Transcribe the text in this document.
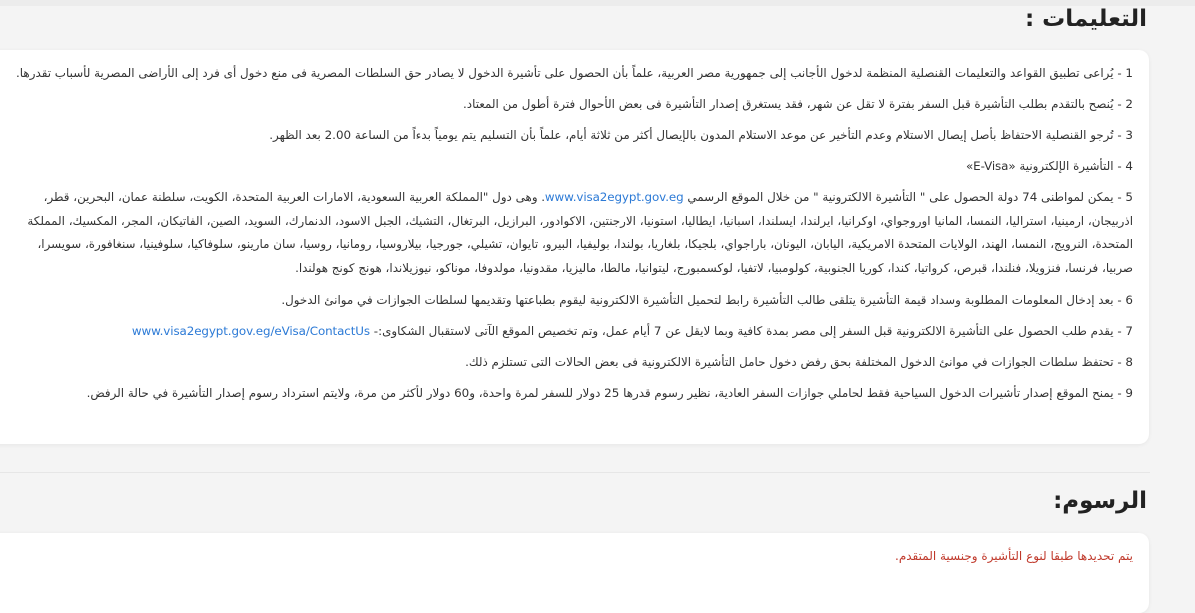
التعليمات :
1 - يُراعى تطبيق القواعد والتعليمات القنصلية المنظمة لدخول الأجانب إلى جمهورية مصر العربية، علماً بأن الحصول على تأشيرة الدخول لا يصادر حق السلطات المصرية فى منع دخول أى فرد إلى الأراضى المصرية لأسباب تقدرها.
2 - يُنصح بالتقدم بطلب التأشيرة قبل السفر بفترة لا تقل عن شهر، فقد يستغرق إصدار التأشيرة فى بعض الأحوال فترة أطول من المعتاد.
3 - تُرجو القنصلية الاحتفاظ بأصل إيصال الاستلام وعدم التأخير عن موعد الاستلام المدون بالإيصال أكثر من ثلاثة أيام، علماً بأن التسليم يتم يومياً بدءاً من الساعة 2.00 بعد الظهر.
4 - التأشيرة الإلكترونية «E-Visa»
5 - يمكن لمواطنى 74 دولة الحصول على " التأشيرة الالكترونية " من خلال الموقع الرسمي www.visa2egypt.gov.eg. وهى دول "المملكة العربية السعودية، الامارات العربية المتحدة، الكويت، سلطنة عمان، البحرين، قطر، اذربيجان، ارمينيا، استراليا، النمسا، المانيا اوروجواي، اوكرانيا، ايرلندا، ايسلندا، اسبانيا، ايطاليا، استونيا، الارجنتين، الاكوادور، البرازيل، البرتغال، التشيك، الجبل الاسود، الدنمارك، السويد، الصين، الفاتيكان، المجر، المكسيك، المملكة المتحدة، النرويج، النمسا، الهند، الولايات المتحدة الامريكية، اليابان، اليونان، باراجواي، بلجيكا، بلغاريا، بولندا، بوليفيا، البيرو، تايوان، تشيلي، جورجيا، بيلاروسيا، رومانيا، روسيا، سان مارينو، سلوفاكيا، سلوفينيا، سنغافورة، سويسرا، صربيا، فرنسا، فنزويلا، فنلندا، قبرص، كرواتيا، كندا، كوريا الجنوبية، كولومبيا، لاتفيا، لوكسمبورج، ليتوانيا، مالطا، ماليزيا، مقدونيا، مولدوفا، موناكو، نيوزيلاندا، هونج كونج هولندا.
6 - بعد إدخال المعلومات المطلوبة وسداد قيمة التأشيرة يتلقى طالب التأشيرة رابط لتحميل التأشيرة الالكترونية ليقوم بطباعتها وتقديمها لسلطات الجوازات في موانئ الدخول.
7 - يقدم طلب الحصول على التأشيرة الالكترونية قبل السفر إلى مصر بمدة كافية وبما لايقل عن 7 أيام عمل، وتم تخصيص الموقع الآتى لاستقبال الشكاوى:- www.visa2egypt.gov.eg/eVisa/ContactUs
8 - تحتفظ سلطات الجوازات في موانئ الدخول المختلفة بحق رفض دخول حامل التأشيرة الالكترونية فى بعض الحالات التى تستلزم ذلك.
9 - يمنح الموقع إصدار تأشيرات الدخول السياحية فقط لحاملي جوازات السفر العادية، نظير رسوم قدرها 25 دولار للسفر لمرة واحدة، و60 دولار لأكثر من مرة، ولايتم استرداد رسوم إصدار التأشيرة في حالة الرفض.
الرسوم:
يتم تحديدها طبقا لنوع التأشيرة وجنسية المتقدم.
